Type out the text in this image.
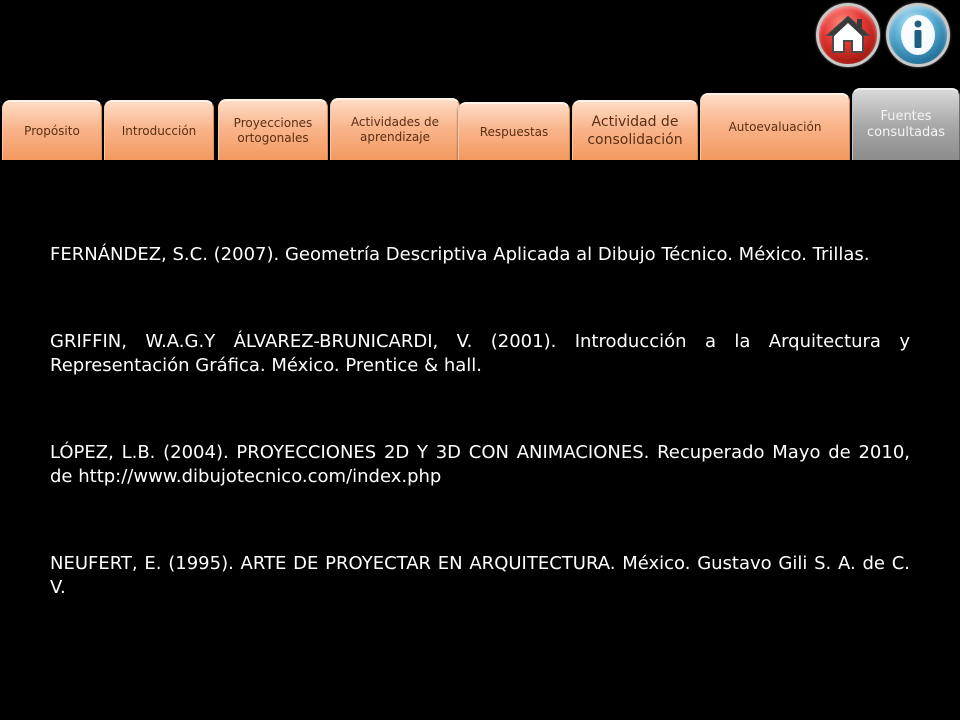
Propósito	Introducción
Proyecciones ortogonales
Actividades de aprendizaje	Respuestas
Actividad de consolidación
Autoevaluación
Fuentes consultadas

FERNÁNDEZ, S.C. (2007). Geometría Descriptiva Aplicada al Dibujo Técnico. México. Trillas.

GRIFFIN, W.A.G.Y ÁLVAREZ-BRUNICARDI, V. (2001). Introducción a la Arquitectura y Representación Gráfica. México. Prentice & hall.

LÓPEZ, L.B. (2004). PROYECCIONES 2D Y 3D CON ANIMACIONES. Recuperado Mayo de 2010, de http://www.dibujotecnico.com/index.php

NEUFERT, E. (1995). ARTE DE PROYECTAR EN ARQUITECTURA. México. Gustavo Gili S. A. de C. V.
